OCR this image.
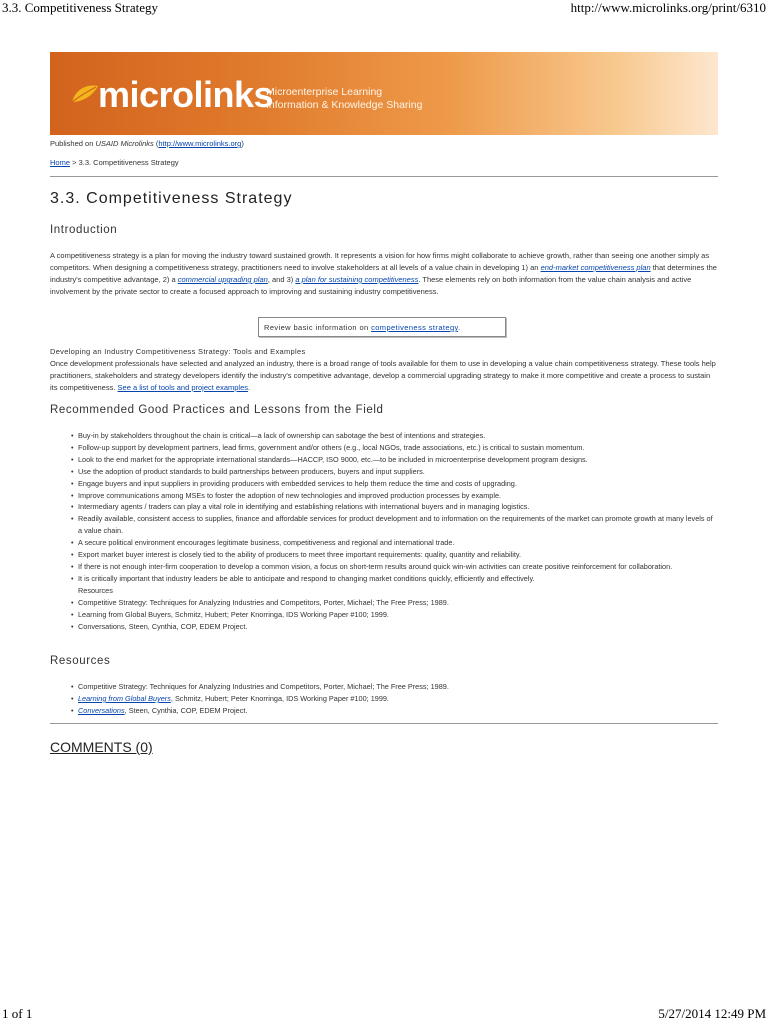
3.3. Competitiveness Strategy	http://www.microlinks.org/print/6310
microlinks
Microenterprise Learning
Information & Knowledge Sharing
Published on USAID Microlinks (http://www.microlinks.org)
Home > 3.3. Competitiveness Strategy
3.3. Competitiveness Strategy
Introduction
A competitiveness strategy is a plan for moving the industry toward sustained growth. It represents a vision for how firms might collaborate to achieve growth, rather than seeing one another simply as competitors. When designing a competitiveness strategy, practitioners need to involve stakeholders at all levels of a value chain in developing 1) an end-market competitiveness plan that determines the industry's competitive advantage, 2) a commercial upgrading plan, and 3) a plan for sustaining competitiveness. These elements rely on both information from the value chain analysis and active involvement by the private sector to create a focused approach to improving and sustaining industry competitiveness.
Review basic information on competiveness strategy.
Developing an Industry Competitiveness Strategy: Tools and Examples
Once development professionals have selected and analyzed an industry, there is a broad range of tools available for them to use in developing a value chain competitiveness strategy. These tools help practitioners, stakeholders and strategy developers identify the industry's competitive advantage, develop a commercial upgrading strategy to make it more competitive and create a process to sustain its competitiveness. See a list of tools and project examples.
Recommended Good Practices and Lessons from the Field
• Buy-in by stakeholders throughout the chain is critical—a lack of ownership can sabotage the best of intentions and strategies.
• Follow-up support by development partners, lead firms, government and/or others (e.g., local NGOs, trade associations, etc.) is critical to sustain momentum.
• Look to the end market for the appropriate international standards—HACCP, ISO 9000, etc.—to be included in microenterprise development program designs.
• Use the adoption of product standards to build partnerships between producers, buyers and input suppliers.
• Engage buyers and input suppliers in providing producers with embedded services to help them reduce the time and costs of upgrading.
• Improve communications among MSEs to foster the adoption of new technologies and improved production processes by example.
• Intermediary agents / traders can play a vital role in identifying and establishing relations with international buyers and in managing logistics.
• Readily available, consistent access to supplies, finance and affordable services for product development and to information on the requirements of the market can promote growth at many levels of a value chain.
• A secure political environment encourages legitimate business, competitiveness and regional and international trade.
• Export market buyer interest is closely tied to the ability of producers to meet three important requirements: quality, quantity and reliability.
• If there is not enough inter-firm cooperation to develop a common vision, a focus on short-term results around quick win-win activities can create positive reinforcement for collaboration.
• It is critically important that industry leaders be able to anticipate and respond to changing market conditions quickly, efficiently and effectively.
Resources
• Competitive Strategy: Techniques for Analyzing Industries and Competitors, Porter, Michael; The Free Press; 1989.
• Learning from Global Buyers, Schmitz, Hubert; Peter Knorringa, IDS Working Paper #100; 1999.
• Conversations, Steen, Cynthia, COP, EDEM Project.
Resources
• Competitive Strategy: Techniques for Analyzing Industries and Competitors, Porter, Michael; The Free Press; 1989.
• Learning from Global Buyers, Schmitz, Hubert; Peter Knorringa, IDS Working Paper #100; 1999.
• Conversations, Steen, Cynthia, COP, EDEM Project.
COMMENTS (0)
1 of 1	5/27/2014 12:49 PM
